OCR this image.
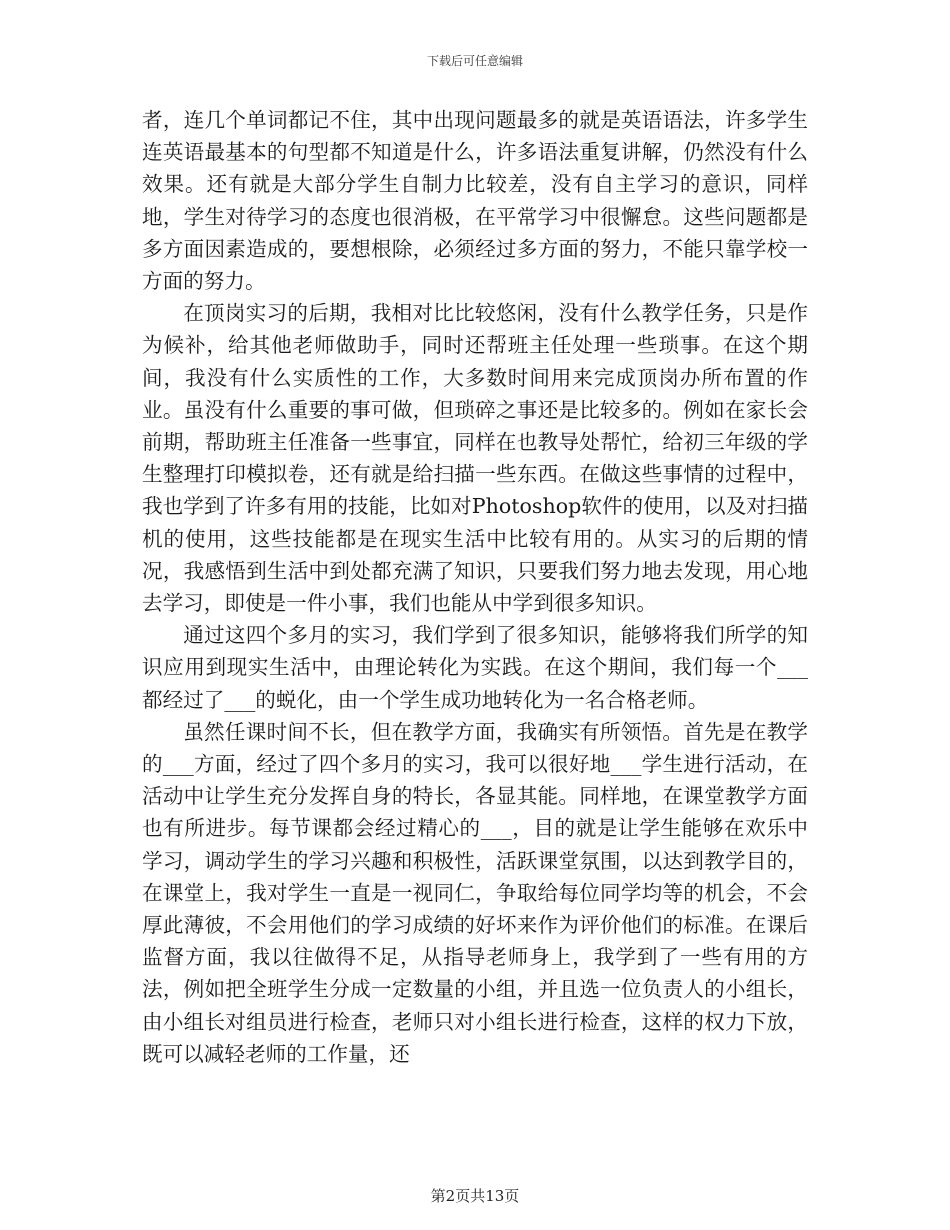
下载后可任意编辑

者，连几个单词都记不住，其中出现问题最多的就是英语语法，许多学生连英语最基本的句型都不知道是什么，许多语法重复讲解，仍然没有什么效果。还有就是大部分学生自制力比较差，没有自主学习的意识，同样地，学生对待学习的态度也很消极，在平常学习中很懈怠。这些问题都是多方面因素造成的，要想根除，必须经过多方面的努力，不能只靠学校一方面的努力。

在顶岗实习的后期，我相对比比较悠闲，没有什么教学任务，只是作为候补，给其他老师做助手，同时还帮班主任处理一些琐事。在这个期间，我没有什么实质性的工作，大多数时间用来完成顶岗办所布置的作业。虽没有什么重要的事可做，但琐碎之事还是比较多的。例如在家长会前期，帮助班主任准备一些事宜，同样在也教导处帮忙，给初三年级的学生整理打印模拟卷，还有就是给扫描一些东西。在做这些事情的过程中，我也学到了许多有用的技能，比如对Photoshop软件的使用，以及对扫描机的使用，这些技能都是在现实生活中比较有用的。从实习的后期的情况，我感悟到生活中到处都充满了知识，只要我们努力地去发现，用心地去学习，即使是一件小事，我们也能从中学到很多知识。

通过这四个多月的实习，我们学到了很多知识，能够将我们所学的知识应用到现实生活中，由理论转化为实践。在这个期间，我们每一个___都经过了___的蜕化，由一个学生成功地转化为一名合格老师。

虽然任课时间不长，但在教学方面，我确实有所领悟。首先是在教学的___方面，经过了四个多月的实习，我可以很好地___学生进行活动，在活动中让学生充分发挥自身的特长，各显其能。同样地，在课堂教学方面也有所进步。每节课都会经过精心的___，目的就是让学生能够在欢乐中学习，调动学生的学习兴趣和积极性，活跃课堂氛围，以达到教学目的，在课堂上，我对学生一直是一视同仁，争取给每位同学均等的机会，不会厚此薄彼，不会用他们的学习成绩的好坏来作为评价他们的标准。在课后监督方面，我以往做得不足，从指导老师身上，我学到了一些有用的方法，例如把全班学生分成一定数量的小组，并且选一位负责人的小组长，由小组长对组员进行检查，老师只对小组长进行检查，这样的权力下放，既可以减轻老师的工作量，还

第2页共13页
